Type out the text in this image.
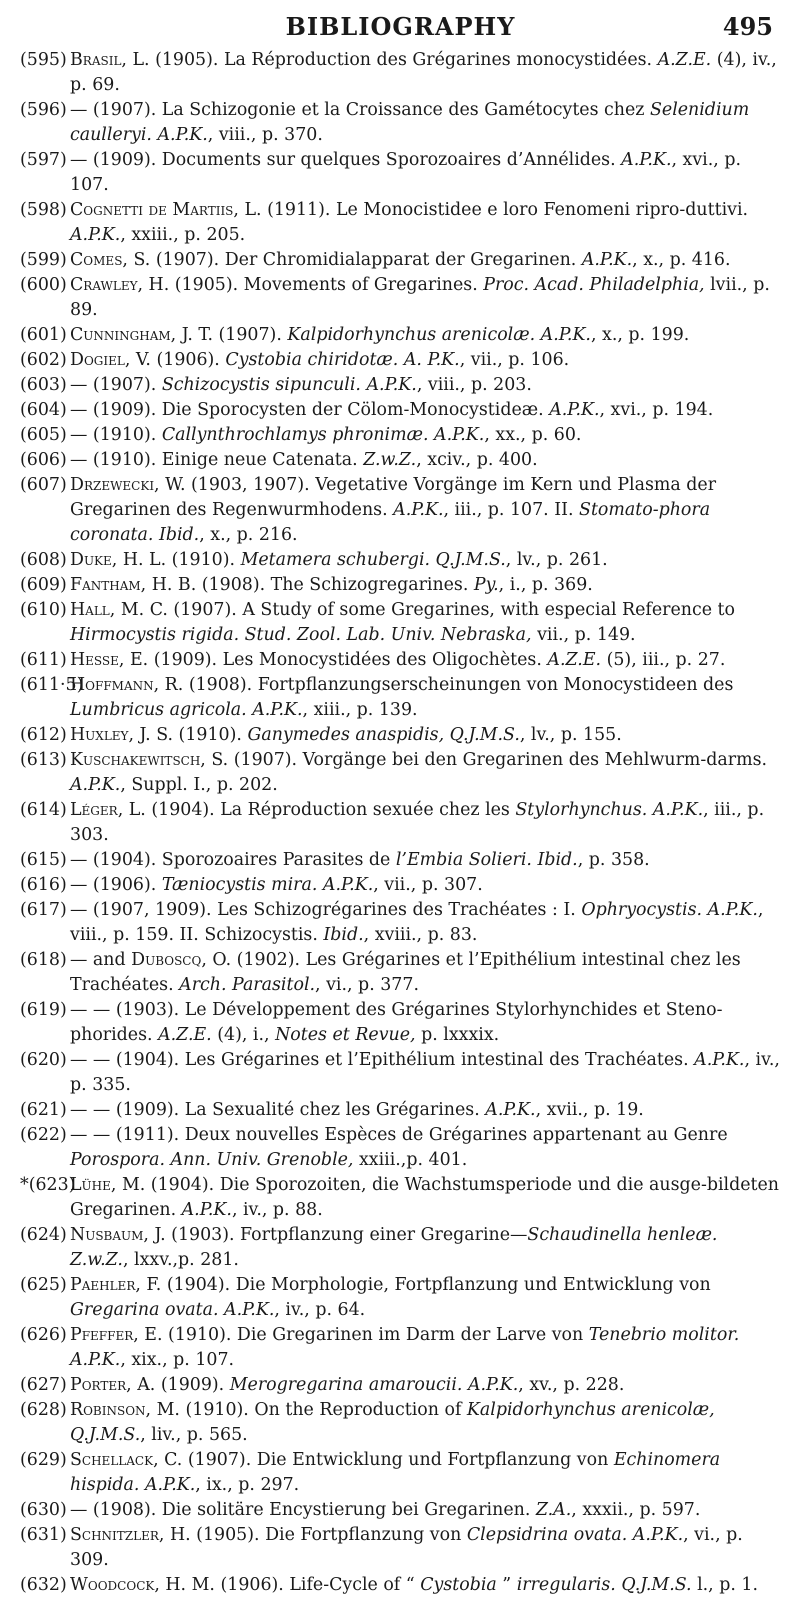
BIBLIOGRAPHY	495
(595) Brasil, L. (1905). La Réproduction des Grégarines monocystidées. A.Z.E. (4), iv., p. 69.
(596) — (1907). La Schizogonie et la Croissance des Gamétocytes chez Selenidium caulleryi. A.P.K., viii., p. 370.
(597) — (1909). Documents sur quelques Sporozoaires d’Annélides. A.P.K., xvi., p. 107.
(598) Cognetti de Martiis, L. (1911). Le Monocistidee e loro Fenomeni ripro-duttivi. A.P.K., xxiii., p. 205.
(599) Comes, S. (1907). Der Chromidialapparat der Gregarinen. A.P.K., x., p. 416.
(600) Crawley, H. (1905). Movements of Gregarines. Proc. Acad. Philadelphia, lvii., p. 89.
(601) Cunningham, J. T. (1907). Kalpidorhynchus arenicolæ. A.P.K., x., p. 199.
(602) Dogiel, V. (1906). Cystobia chiridotæ. A. P.K., vii., p. 106.
(603) — (1907). Schizocystis sipunculi. A.P.K., viii., p. 203.
(604) — (1909). Die Sporocysten der Cölom-Monocystideæ. A.P.K., xvi., p. 194.
(605) — (1910). Callynthrochlamys phronimæ. A.P.K., xx., p. 60.
(606) — (1910). Einige neue Catenata. Z.w.Z., xciv., p. 400.
(607) Drzewecki, W. (1903, 1907). Vegetative Vorgänge im Kern und Plasma der Gregarinen des Regenwurmhodens. A.P.K., iii., p. 107. II. Stomato-phora coronata. Ibid., x., p. 216.
(608) Duke, H. L. (1910). Metamera schubergi. Q.J.M.S., lv., p. 261.
(609) Fantham, H. B. (1908). The Schizogregarines. Py., i., p. 369.
(610) Hall, M. C. (1907). A Study of some Gregarines, with especial Reference to Hirmocystis rigida. Stud. Zool. Lab. Univ. Nebraska, vii., p. 149.
(611) Hesse, E. (1909). Les Monocystidées des Oligochètes. A.Z.E. (5), iii., p. 27.
(611·5)
Hoffmann, R. (1908). Fortpflanzungserscheinungen von Monocystideen des Lumbricus agricola. A.P.K., xiii., p. 139.
(612) Huxley, J. S. (1910). Ganymedes anaspidis, Q.J.M.S., lv., p. 155.
(613) Kuschakewitsch, S. (1907). Vorgänge bei den Gregarinen des Mehlwurm-darms. A.P.K., Suppl. I., p. 202.
(614) Léger, L. (1904). La Réproduction sexuée chez les Stylorhynchus. A.P.K., iii., p. 303.
(615) — (1904). Sporozoaires Parasites de l’Embia Solieri. Ibid., p. 358.
(616) — (1906). Tæniocystis mira. A.P.K., vii., p. 307.
(617) — (1907, 1909). Les Schizogrégarines des Trachéates : I. Ophryocystis. A.P.K., viii., p. 159. II. Schizocystis. Ibid., xviii., p. 83.
(618) — and Duboscq, O. (1902). Les Grégarines et l’Epithélium intestinal chez les Trachéates. Arch. Parasitol., vi., p. 377.
(619) — — (1903). Le Développement des Grégarines Stylorhynchides et Steno-phorides. A.Z.E. (4), i., Notes et Revue, p. lxxxix.
(620) — — (1904). Les Grégarines et l’Epithélium intestinal des Trachéates. A.P.K., iv., p. 335.
(621) — — (1909). La Sexualité chez les Grégarines. A.P.K., xvii., p. 19.
(622) — — (1911). Deux nouvelles Espèces de Grégarines appartenant au Genre Porospora. Ann. Univ. Grenoble, xxiii.,p. 401.
*(623)
Lühe, M. (1904). Die Sporozoiten, die Wachstumsperiode und die ausge-bildeten Gregarinen. A.P.K., iv., p. 88.
(624) Nusbaum, J. (1903). Fortpflanzung einer Gregarine—Schaudinella henleæ. Z.w.Z., lxxv.,p. 281.
(625) Paehler, F. (1904). Die Morphologie, Fortpflanzung und Entwicklung von Gregarina ovata. A.P.K., iv., p. 64.
(626) Pfeffer, E. (1910). Die Gregarinen im Darm der Larve von Tenebrio molitor. A.P.K., xix., p. 107.
(627) Porter, A. (1909). Merogregarina amaroucii. A.P.K., xv., p. 228.
(628) Robinson, M. (1910). On the Reproduction of Kalpidorhynchus arenicolæ, Q.J.M.S., liv., p. 565.
(629) Schellack, C. (1907). Die Entwicklung und Fortpflanzung von Echinomera hispida. A.P.K., ix., p. 297.
(630) — (1908). Die solitäre Encystierung bei Gregarinen. Z.A., xxxii., p. 597.
(631) Schnitzler, H. (1905). Die Fortpflanzung von Clepsidrina ovata. A.P.K., vi., p. 309.
(632) Woodcock, H. M. (1906). Life-Cycle of “ Cystobia ” irregularis. Q.J.M.S. l., p. 1.
